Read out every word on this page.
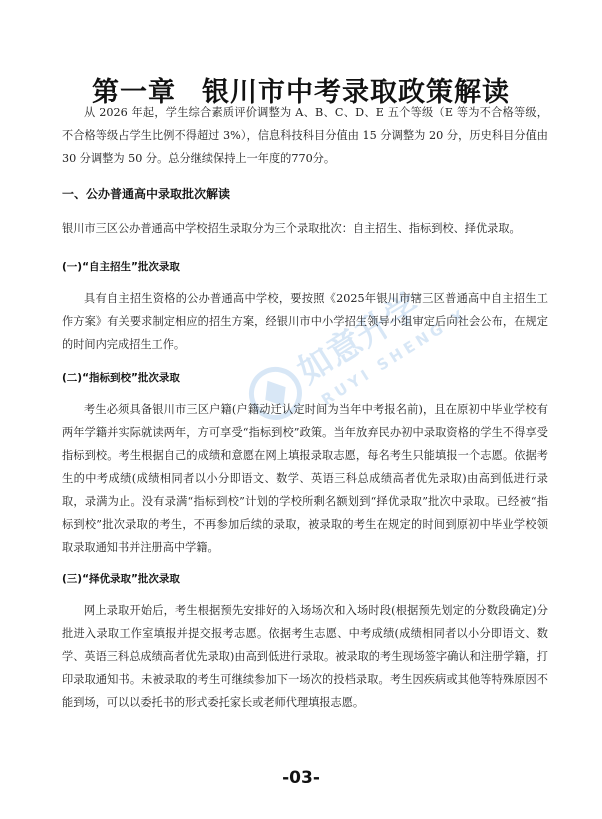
如意升学
RUYI SHENG XUE
第一章 银川市中考录取政策解读

从 2026 年起，学生综合素质评价调整为 A、B、C、D、E 五个等级（E 等为不合格等级，不合格等级占学生比例不得超过 3%），信息科技科目分值由 15 分调整为 20 分，历史科目分值由 30 分调整为 50 分。总分继续保持上一年度的770分。

一、公办普通高中录取批次解读

银川市三区公办普通高中学校招生录取分为三个录取批次：自主招生、指标到校、择优录取。

(一)“自主招生”批次录取

具有自主招生资格的公办普通高中学校，要按照《2025年银川市辖三区普通高中自主招生工作方案》有关要求制定相应的招生方案，经银川市中小学招生领导小组审定后向社会公布，在规定的时间内完成招生工作。

(二)“指标到校”批次录取

考生必须具备银川市三区户籍(户籍动迁认定时间为当年中考报名前)，且在原初中毕业学校有两年学籍并实际就读两年，方可享受“指标到校”政策。当年放弃民办初中录取资格的学生不得享受指标到校。考生根据自己的成绩和意愿在网上填报录取志愿，每名考生只能填报一个志愿。依据考生的中考成绩(成绩相同者以小分即语文、数学、英语三科总成绩高者优先录取)由高到低进行录取，录满为止。没有录满“指标到校”计划的学校所剩名额划到“择优录取”批次中录取。已经被“指标到校”批次录取的考生，不再参加后续的录取，被录取的考生在规定的时间到原初中毕业学校领取录取通知书并注册高中学籍。

(三)“择优录取”批次录取

网上录取开始后，考生根据预先安排好的入场场次和入场时段(根据预先划定的分数段确定)分批进入录取工作室填报并提交报考志愿。依据考生志愿、中考成绩(成绩相同者以小分即语文、数学、英语三科总成绩高者优先录取)由高到低进行录取。被录取的考生现场签字确认和注册学籍，打印录取通知书。未被录取的考生可继续参加下一场次的投档录取。考生因疾病或其他等特殊原因不能到场，可以以委托书的形式委托家长或老师代理填报志愿。

-03-
